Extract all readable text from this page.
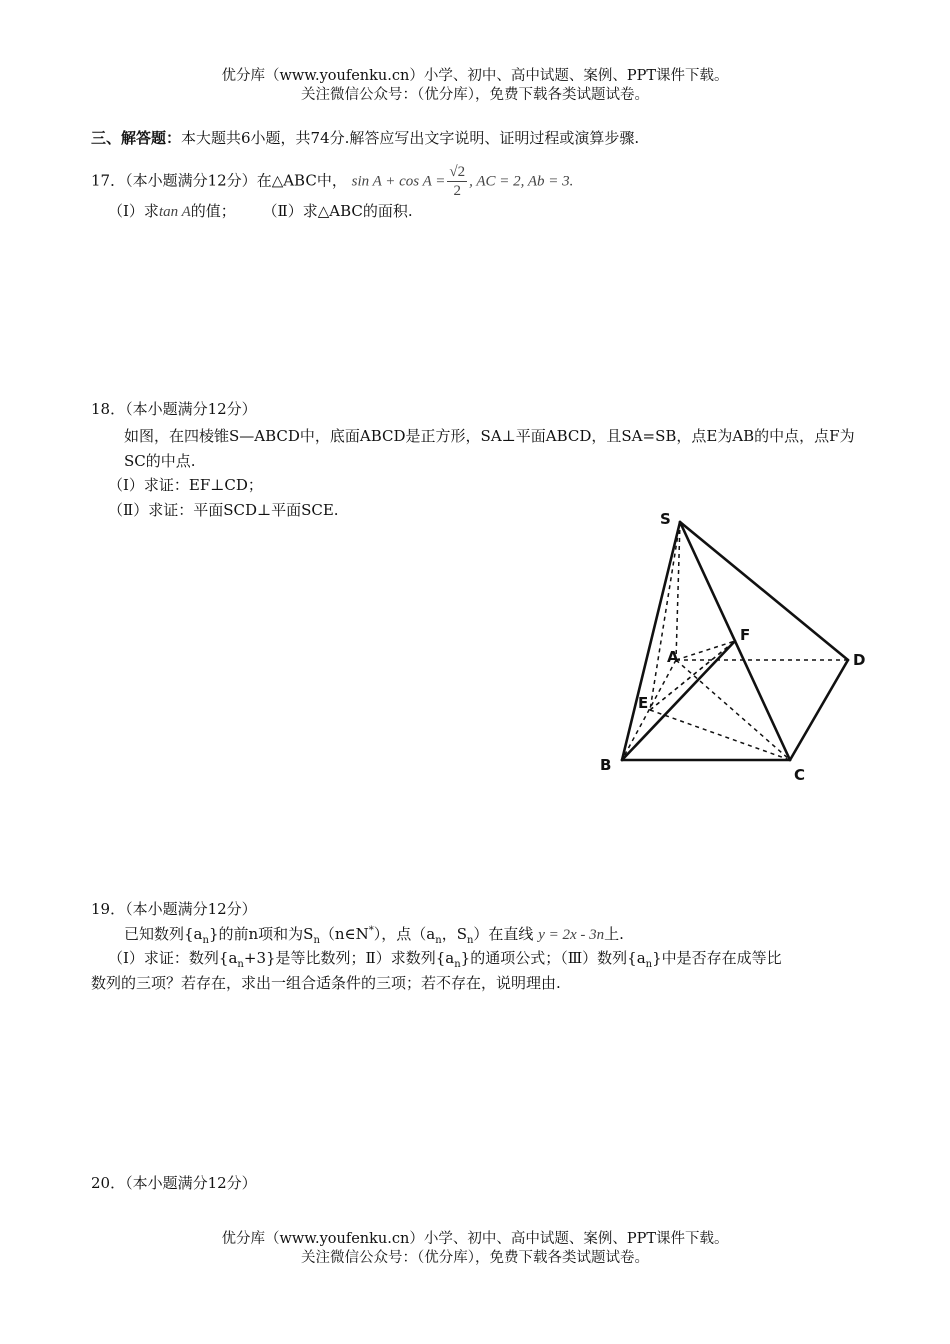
优分库（www.youfenku.cn）小学、初中、高中试题、案例、PPT课件下载。
关注微信公众号：（优分库），免费下载各类试题试卷。
三、解答题：本大题共6小题，共74分.解答应写出文字说明、证明过程或演算步骤.
17．（本小题满分12分）在△ABC中， $\sin A + \cos A = \frac{√2}{2}$ , AC = 2, Ab = 3.
（Ⅰ）求tan A的值； （Ⅱ）求△ABC的面积.
18．（本小题满分12分）
如图，在四棱锥S—ABCD中，底面ABCD是正方形，SA⊥平面ABCD，且SA=SB，点E为AB的中点，点F为SC的中点.
（Ⅰ）求证：EF⊥CD；
（Ⅱ）求证：平面SCD⊥平面SCE.	S
F
A	D
E
B
C
19．（本小题满分12分）
已知数列$\{a_n\}$的前n项和为$S_n(n\in N^*)$，点（$a_n$，$S_n$）在直线 y = 2x - 3n上.
（Ⅰ）求证：数列$\{a_n+3\}$是等比数列；Ⅱ）求数列$\{a_n\}$的通项公式；（Ⅲ）数列$\{a_n\}$中是否存在成等比
数列的三项？若存在，求出一组合适条件的三项；若不存在，说明理由.
20．（本小题满分12分）
优分库（www.youfenku.cn）小学、初中、高中试题、案例、PPT课件下载。
关注微信公众号：（优分库），免费下载各类试题试卷。
